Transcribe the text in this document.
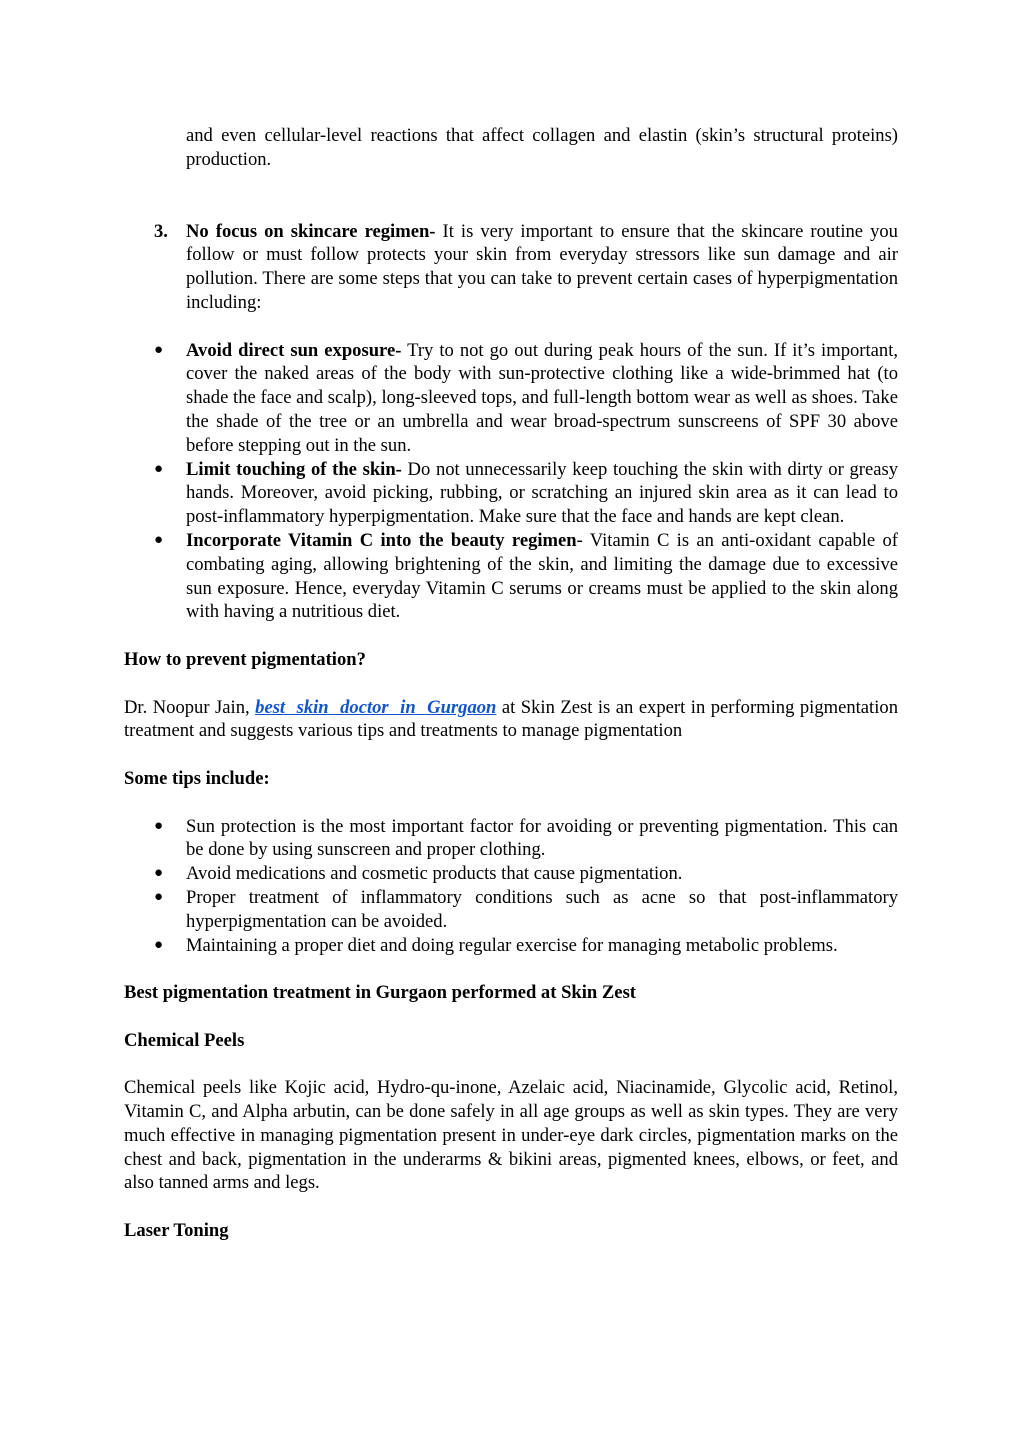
and even cellular-level reactions that affect collagen and elastin (skin’s structural proteins) production.

3. No focus on skincare regimen- It is very important to ensure that the skincare routine you follow or must follow protects your skin from everyday stressors like sun damage and air pollution. There are some steps that you can take to prevent certain cases of hyperpigmentation including:

● Avoid direct sun exposure- Try to not go out during peak hours of the sun. If it’s important, cover the naked areas of the body with sun-protective clothing like a wide-brimmed hat (to shade the face and scalp), long-sleeved tops, and full-length bottom wear as well as shoes. Take the shade of the tree or an umbrella and wear broad-spectrum sunscreens of SPF 30 above before stepping out in the sun.
● Limit touching of the skin- Do not unnecessarily keep touching the skin with dirty or greasy hands. Moreover, avoid picking, rubbing, or scratching an injured skin area as it can lead to post-inflammatory hyperpigmentation. Make sure that the face and hands are kept clean.
● Incorporate Vitamin C into the beauty regimen- Vitamin C is an anti-oxidant capable of combating aging, allowing brightening of the skin, and limiting the damage due to excessive sun exposure. Hence, everyday Vitamin C serums or creams must be applied to the skin along with having a nutritious diet.

How to prevent pigmentation?

Dr. Noopur Jain, best skin doctor in Gurgaon at Skin Zest is an expert in performing pigmentation treatment and suggests various tips and treatments to manage pigmentation

Some tips include:

● Sun protection is the most important factor for avoiding or preventing pigmentation. This can be done by using sunscreen and proper clothing.
● Avoid medications and cosmetic products that cause pigmentation.
● Proper treatment of inflammatory conditions such as acne so that post-inflammatory hyperpigmentation can be avoided.
● Maintaining a proper diet and doing regular exercise for managing metabolic problems.

Best pigmentation treatment in Gurgaon performed at Skin Zest

Chemical Peels

Chemical peels like Kojic acid, Hydro-qu-inone, Azelaic acid, Niacinamide, Glycolic acid, Retinol, Vitamin C, and Alpha arbutin, can be done safely in all age groups as well as skin types. They are very much effective in managing pigmentation present in under-eye dark circles, pigmentation marks on the chest and back, pigmentation in the underarms & bikini areas, pigmented knees, elbows, or feet, and also tanned arms and legs.

Laser Toning
